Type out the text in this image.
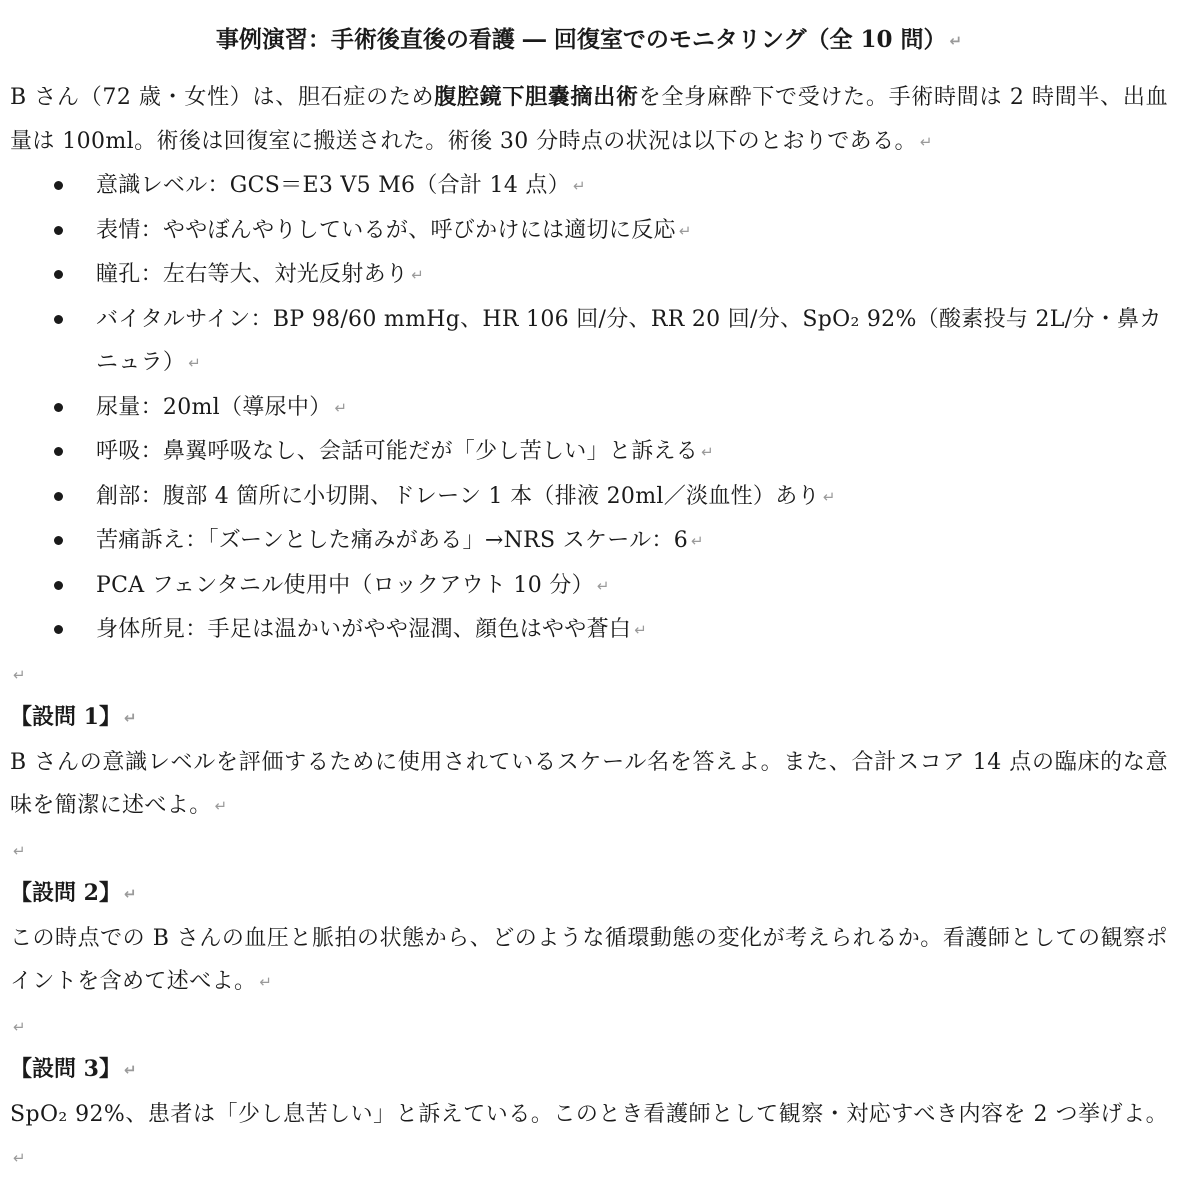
事例演習：手術後直後の看護 ― 回復室でのモニタリング（全 10 問） ↵

B さん（72 歳・女性）は、胆石症のため腹腔鏡下胆嚢摘出術を全身麻酔下で受けた。手術時間は 2 時間半、出血量は 100ml。術後は回復室に搬送された。術後 30 分時点の状況は以下のとおりである。 ↵

意識レベル：GCS＝E3 V5 M6（合計 14 点） ↵
表情：ややぼんやりしているが、呼びかけには適切に反応 ↵
瞳孔：左右等大、対光反射あり ↵
バイタルサイン：BP 98/60 mmHg、HR 106 回/分、RR 20 回/分、SpO₂ 92%（酸素投与 2L/分・鼻カニュラ） ↵
尿量：20ml（導尿中） ↵
呼吸：鼻翼呼吸なし、会話可能だが「少し苦しい」と訴える ↵
創部：腹部 4 箇所に小切開、ドレーン 1 本（排液 20ml／淡血性）あり ↵
苦痛訴え：「ズーンとした痛みがある」→NRS スケール：6 ↵
PCA フェンタニル使用中（ロックアウト 10 分） ↵
身体所見：手足は温かいがやや湿潤、顔色はやや蒼白 ↵
↵
【設問 1】 ↵

B さんの意識レベルを評価するために使用されているスケール名を答えよ。また、合計スコア 14 点の臨床的な意味を簡潔に述べよ。 ↵

↵
【設問 2】 ↵

この時点での B さんの血圧と脈拍の状態から、どのような循環動態の変化が考えられるか。看護師としての観察ポイントを含めて述べよ。 ↵

↵
【設問 3】 ↵

SpO₂ 92%、患者は「少し息苦しい」と訴えている。このとき看護師として観察・対応すべき内容を 2 つ挙げよ。↵
